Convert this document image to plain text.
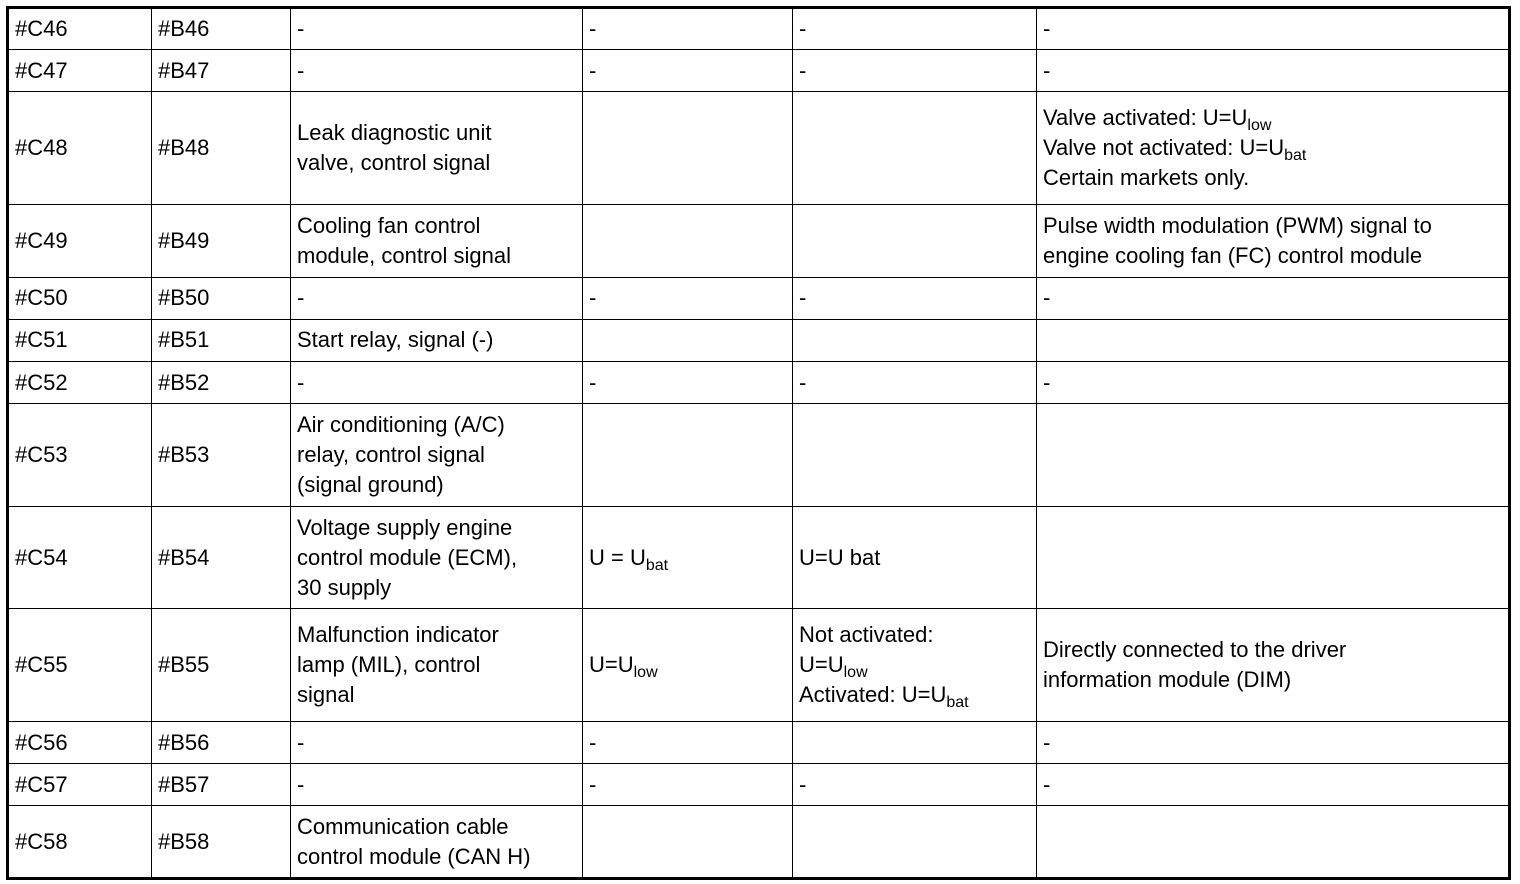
#C46	#B46	-	-	-	-

#C47	#B47	-	-	-	-

#C48	#B48	Leak diagnostic unit
valve, control signal			Valve activated: $U=U_{low}$
Valve not activated: $U=U_{bat}$
Certain markets only.

#C49	#B49	Cooling fan control
module, control signal			Pulse width modulation (PWM) signal to
engine cooling fan (FC) control module

#C50	#B50	-	-	-	-

#C51	#B51	Start relay, signal (-)			

#C52	#B52	-	-	-	-

#C53	#B53	Air conditioning (A/C)
relay, control signal
(signal ground)			

#C54	#B54	Voltage supply engine
control module (ECM),
30 supply	$U = U_{bat}$	U=U bat	

#C55	#B55	Malfunction indicator
lamp (MIL), control
signal	$U=U_{low}$	Not activated:
$U=U_{low}$
Activated: $U=U_{bat}$	Directly connected to the driver
information module (DIM)

#C56	#B56	-	-		-

#C57	#B57	-	-	-	-

#C58	#B58	Communication cable
control module (CAN H)			
